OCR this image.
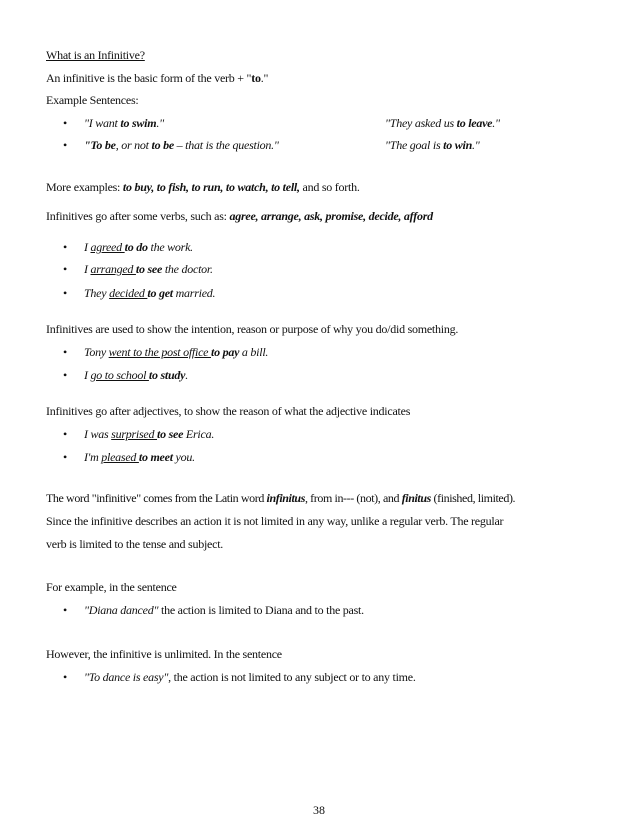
What is an Infinitive?
An infinitive is the basic form of the verb + "to."
Example Sentences:
• "I want to swim."	"They asked us to leave."
• "To be, or not to be – that is the question."	"The goal is to win."
More examples: to buy, to fish, to run, to watch, to tell, and so forth.
Infinitives go after some verbs, such as: agree, arrange, ask, promise, decide, afford
• I agreed to do the work.
• I arranged to see the doctor.
• They decided to get married.
Infinitives are used to show the intention, reason or purpose of why you do/did something.
• Tony went to the post office to pay a bill.
• I go to school to study.
Infinitives go after adjectives, to show the reason of what the adjective indicates
• I was surprised to see Erica.
• I'm pleased to meet you.
The word "infinitive" comes from the Latin word infinitus, from in--- (not), and finitus (finished, limited).
Since the infinitive describes an action it is not limited in any way, unlike a regular verb. The regular
verb is limited to the tense and subject.
For example, in the sentence
• "Diana danced" the action is limited to Diana and to the past.
However, the infinitive is unlimited. In the sentence
• "To dance is easy", the action is not limited to any subject or to any time.
38
